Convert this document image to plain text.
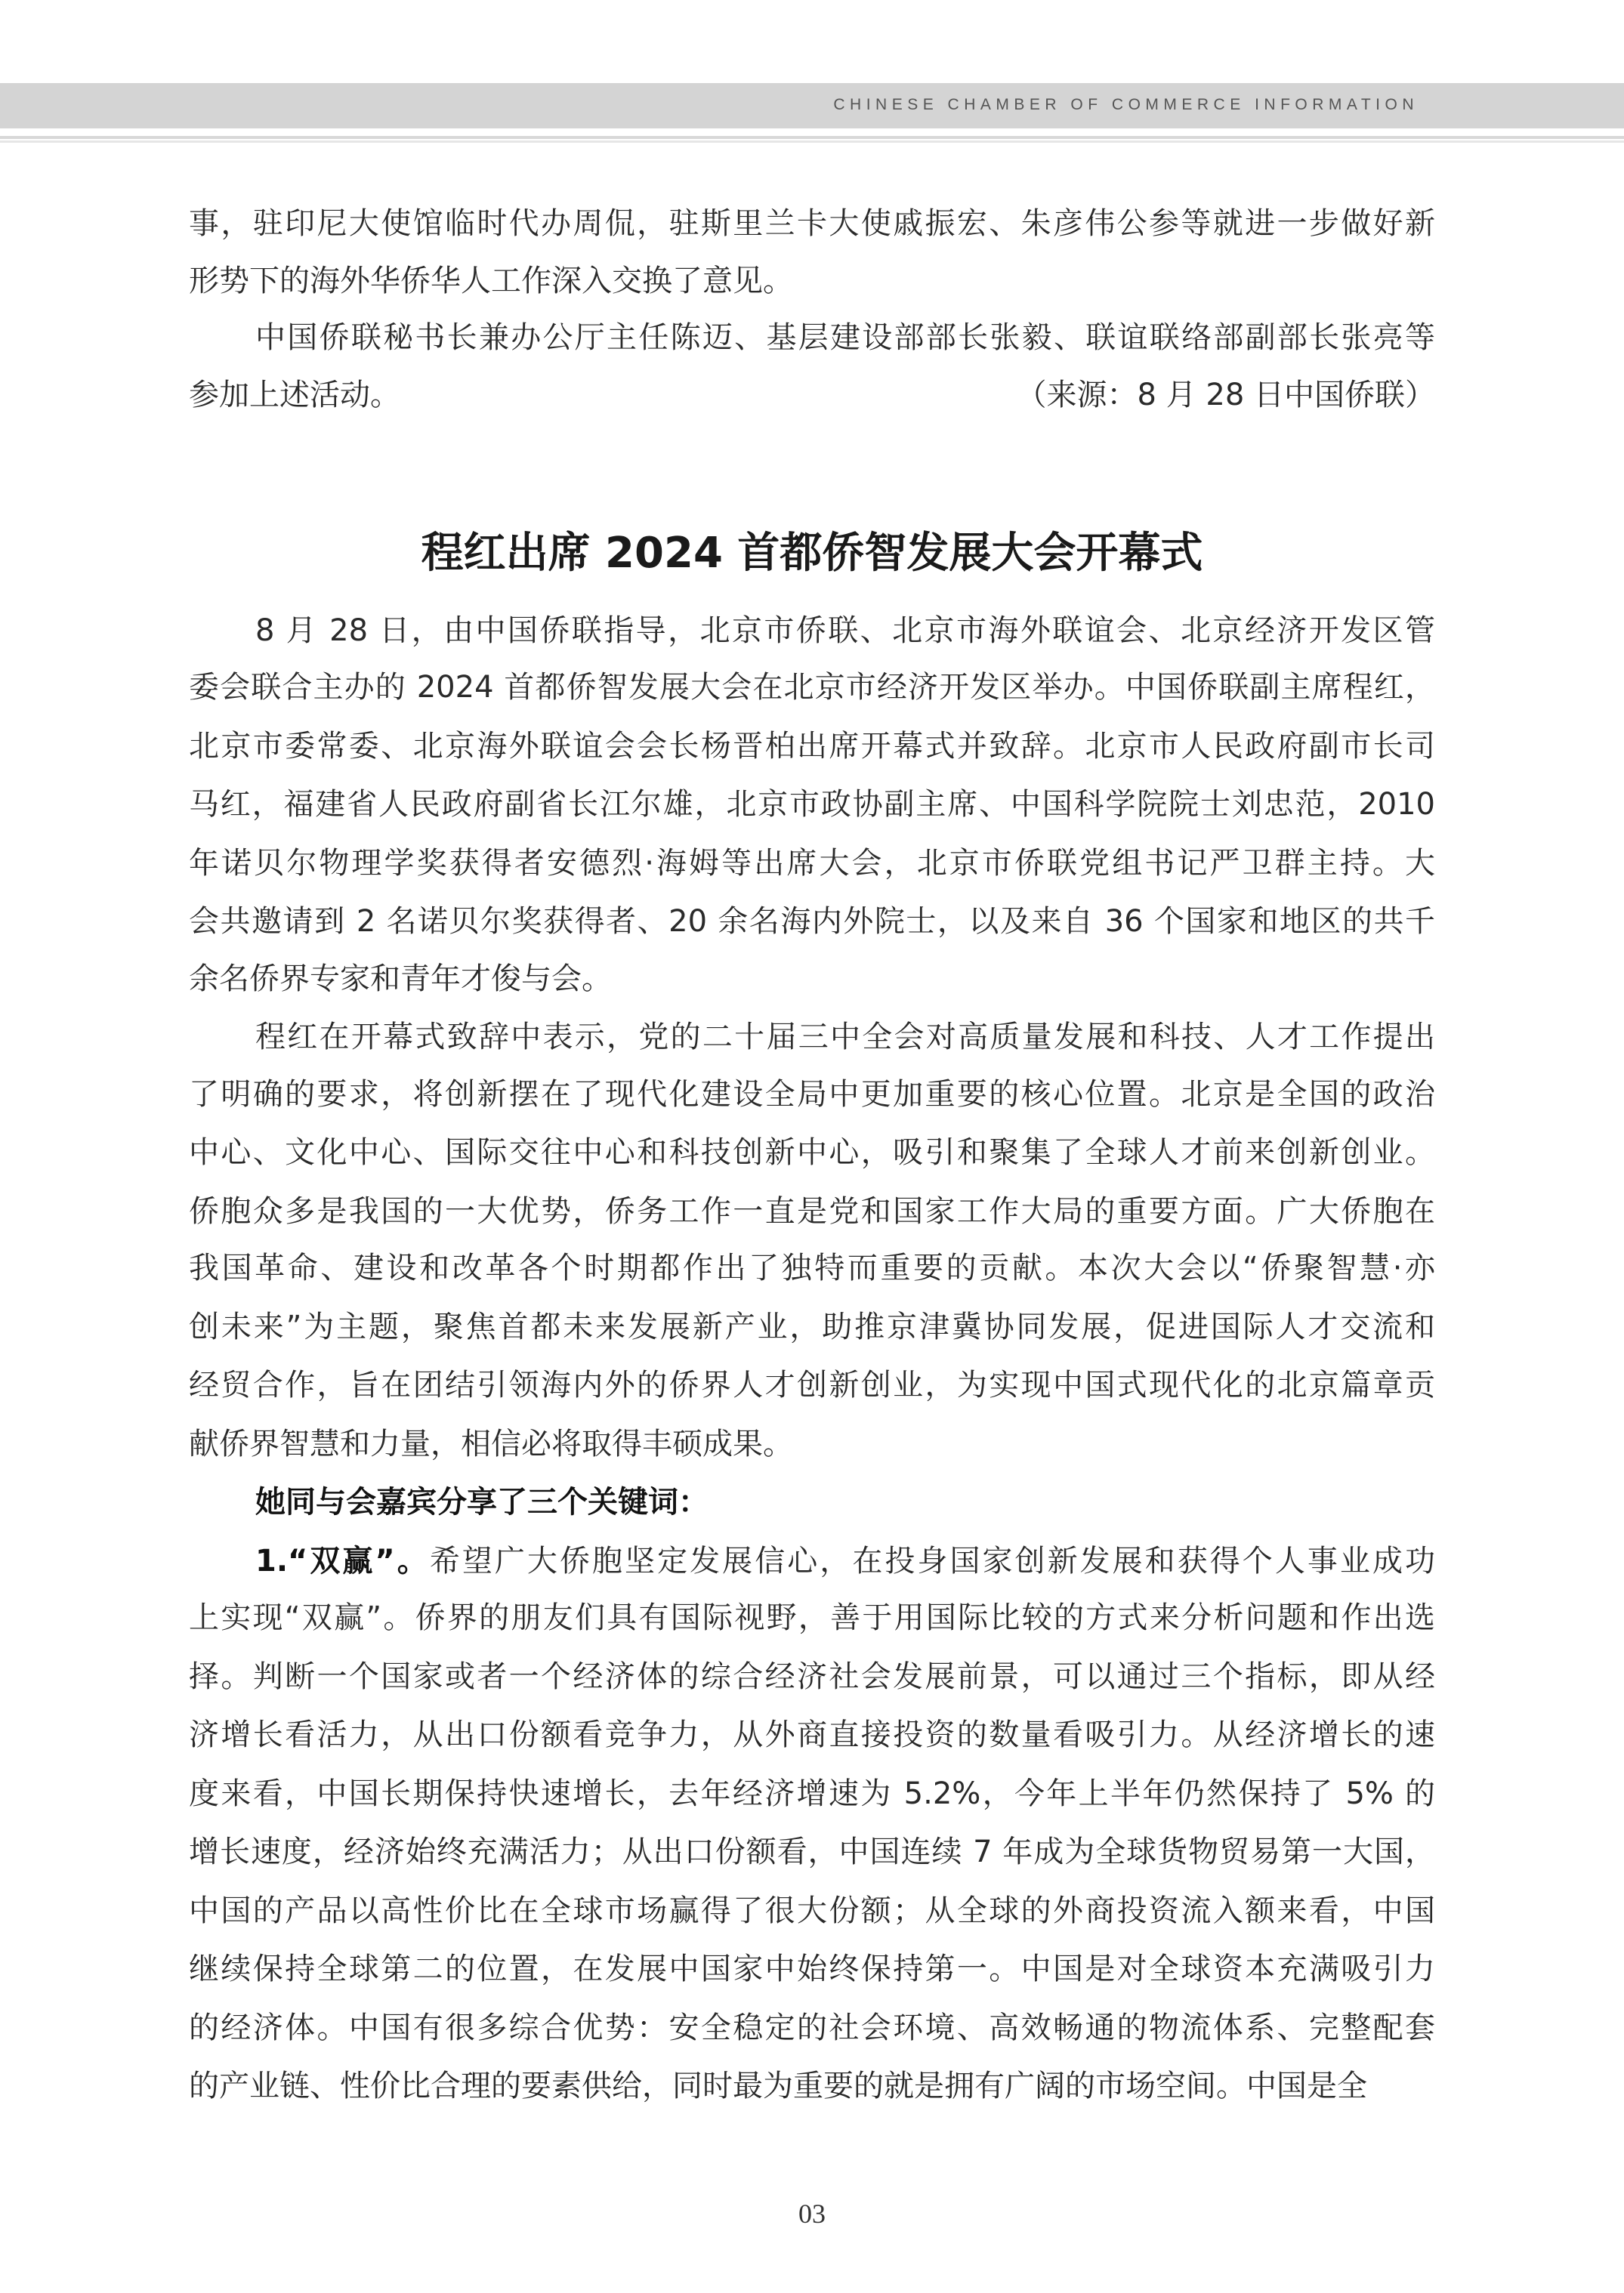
CHINESE CHAMBER OF COMMERCE INFORMATION
事，驻印尼大使馆临时代办周侃，驻斯里兰卡大使戚振宏、朱彦伟公参等就进一步做好新
形势下的海外华侨华人工作深入交换了意见。
中国侨联秘书长兼办公厅主任陈迈、基层建设部部长张毅、联谊联络部副部长张亮等
参加上述活动。	（来源：8 月 28 日中国侨联）
程红出席 2024 首都侨智发展大会开幕式
8 月 28 日，由中国侨联指导，北京市侨联、北京市海外联谊会、北京经济开发区管
委会联合主办的 2024 首都侨智发展大会在北京市经济开发区举办。中国侨联副主席程红，
北京市委常委、北京海外联谊会会长杨晋柏出席开幕式并致辞。北京市人民政府副市长司
马红，福建省人民政府副省长江尔雄，北京市政协副主席、中国科学院院士刘忠范，2010
年诺贝尔物理学奖获得者安德烈·海姆等出席大会，北京市侨联党组书记严卫群主持。大
会共邀请到 2 名诺贝尔奖获得者、20 余名海内外院士，以及来自 36 个国家和地区的共千
余名侨界专家和青年才俊与会。
程红在开幕式致辞中表示，党的二十届三中全会对高质量发展和科技、人才工作提出
了明确的要求，将创新摆在了现代化建设全局中更加重要的核心位置。北京是全国的政治
中心、文化中心、国际交往中心和科技创新中心，吸引和聚集了全球人才前来创新创业。
侨胞众多是我国的一大优势，侨务工作一直是党和国家工作大局的重要方面。广大侨胞在
我国革命、建设和改革各个时期都作出了独特而重要的贡献。本次大会以“侨聚智慧·亦
创未来”为主题，聚焦首都未来发展新产业，助推京津冀协同发展，促进国际人才交流和
经贸合作，旨在团结引领海内外的侨界人才创新创业，为实现中国式现代化的北京篇章贡
献侨界智慧和力量，相信必将取得丰硕成果。
她同与会嘉宾分享了三个关键词：
1.“双赢”。希望广大侨胞坚定发展信心，在投身国家创新发展和获得个人事业成功
上实现“双赢”。侨界的朋友们具有国际视野，善于用国际比较的方式来分析问题和作出选
择。判断一个国家或者一个经济体的综合经济社会发展前景，可以通过三个指标，即从经
济增长看活力，从出口份额看竞争力，从外商直接投资的数量看吸引力。从经济增长的速
度来看，中国长期保持快速增长，去年经济增速为 5.2%，今年上半年仍然保持了 5% 的
增长速度，经济始终充满活力；从出口份额看，中国连续 7 年成为全球货物贸易第一大国，
中国的产品以高性价比在全球市场赢得了很大份额；从全球的外商投资流入额来看，中国
继续保持全球第二的位置，在发展中国家中始终保持第一。中国是对全球资本充满吸引力
的经济体。中国有很多综合优势：安全稳定的社会环境、高效畅通的物流体系、完整配套
的产业链、性价比合理的要素供给，同时最为重要的就是拥有广阔的市场空间。中国是全
03
